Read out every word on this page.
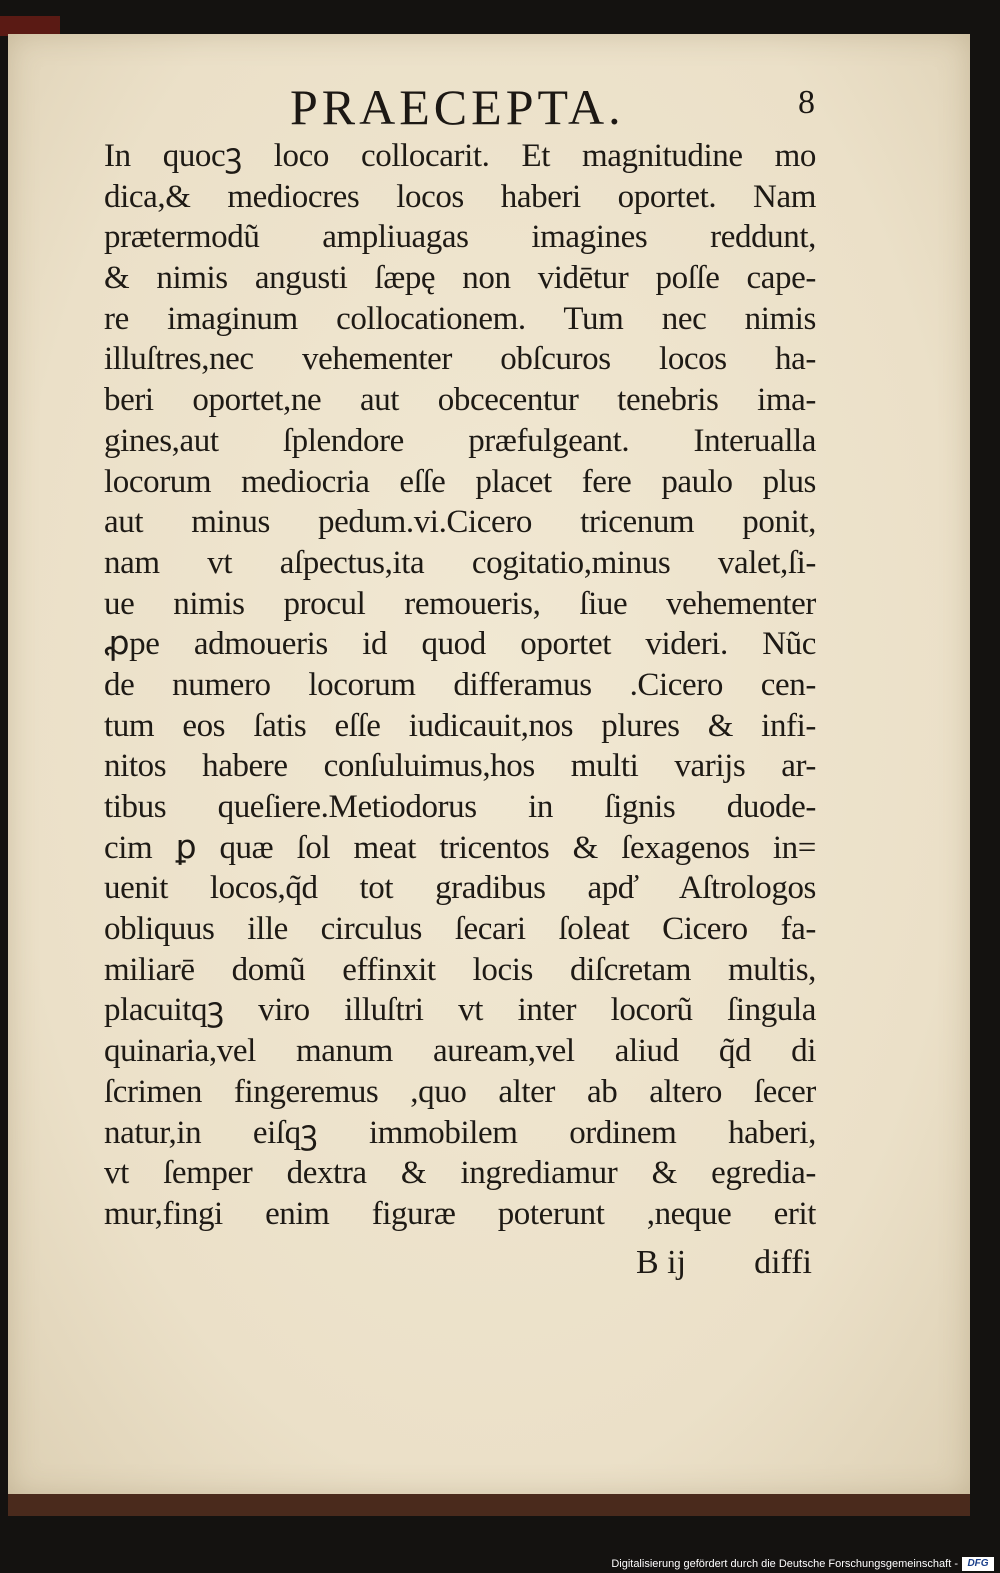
PRAECEPTA.	8
In quocꝫ loco collocarit. Et magnitudine mo
dica,& mediocres locos haberi oportet. Nam
prætermodũ ampliuagas imagines reddunt,
& nimis angusti ſæpę non vidētur poſſe cape-
re imaginum collocationem. Tum nec nimis
illuſtres,nec vehementer obſcuros locos ha-
beri oportet,ne aut obcecentur tenebris ima-
gines,aut ſplendore præfulgeant. Interualla
locorum mediocria eſſe placet fere paulo plus
aut minus pedum.vi.Cicero tricenum ponit,
nam vt aſpectus,ita cogitatio,minus valet,ſi-
ue nimis procul remoueris, ſiue vehementer
ꝓpe admoueris id quod oportet videri. Nũc
de numero locorum differamus .Cicero cen-
tum eos ſatis eſſe iudicauit,nos plures & infi-
nitos habere conſuluimus,hos multi varijs ar-
tibus queſiere.Metiodorus in ſignis duode-
cim ꝑ quæ ſol meat tricentos & ſexagenos in=
uenit locos,q̃d tot gradibus apď Aſtrologos
obliquus ille circulus ſecari ſoleat Cicero fa-
miliarē domũ effinxit locis diſcretam multis,
placuitqꝫ viro illuſtri vt inter locorũ ſingula
quinaria,vel manum auream,vel aliud q̃d di
ſcrimen fingeremus ,quo alter ab altero ſecer
natur,in eiſqꝫ immobilem ordinem haberi,
vt ſemper dextra & ingrediamur & egredia-
mur,fingi enim figuræ poterunt ,neque erit
B ij diffi
Digitalisierung gefördert durch die Deutsche Forschungsgemeinschaft - DFG
